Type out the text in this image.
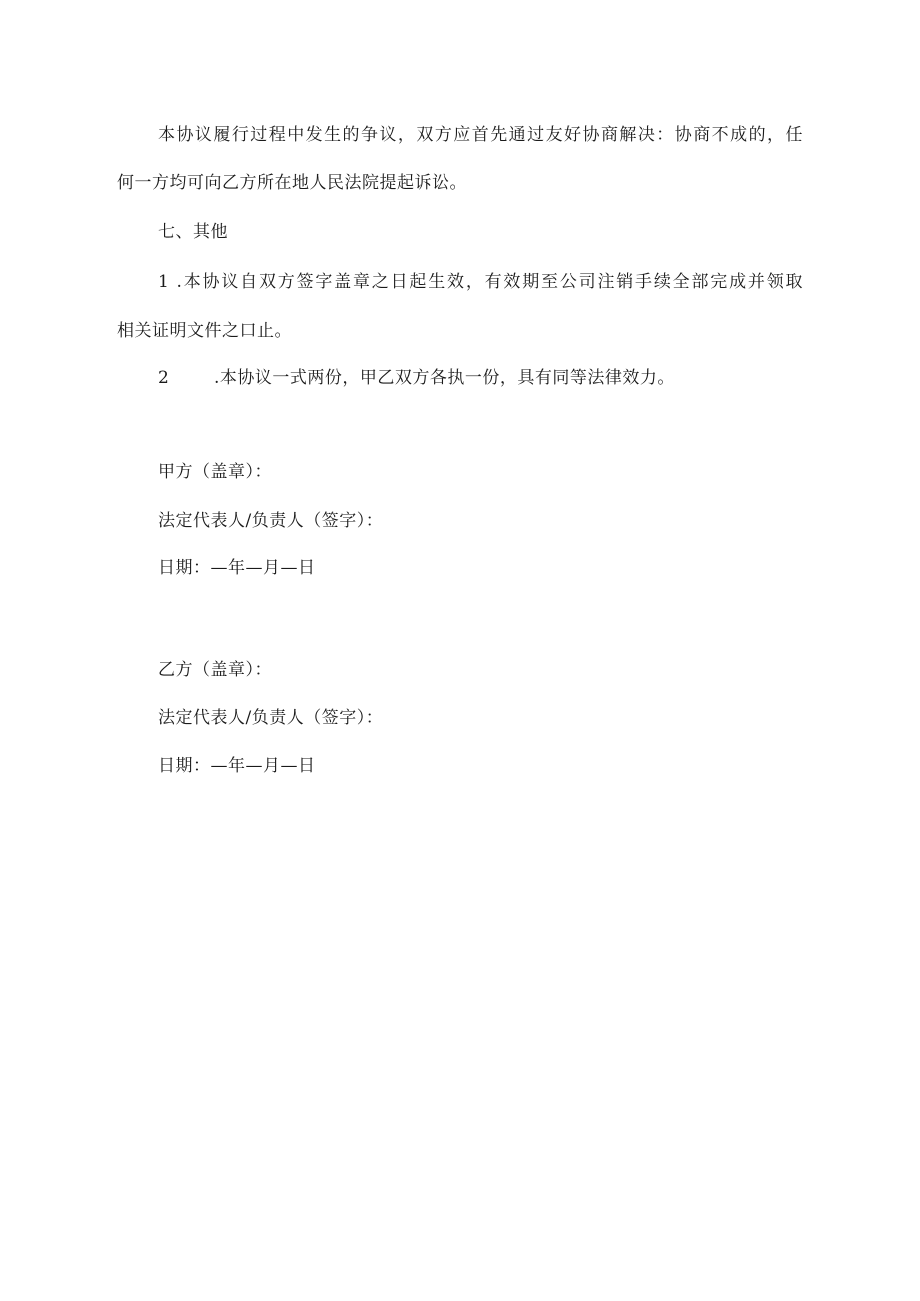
本协议履行过程中发生的争议，双方应首先通过友好协商解决：协商不成的，任
何一方均可向乙方所在地人民法院提起诉讼。
七、其他
1 .本协议自双方签字盖章之日起生效，有效期至公司注销手续全部完成并领取
相关证明文件之口止。
2	.本协议一式两份，甲乙双方各执一份，具有同等法律效力。
甲方（盖章）：
法定代表人/负责人（签字）：
日期：—年—月—日
乙方（盖章）：
法定代表人/负责人（签字）：
日期：—年—月—日
